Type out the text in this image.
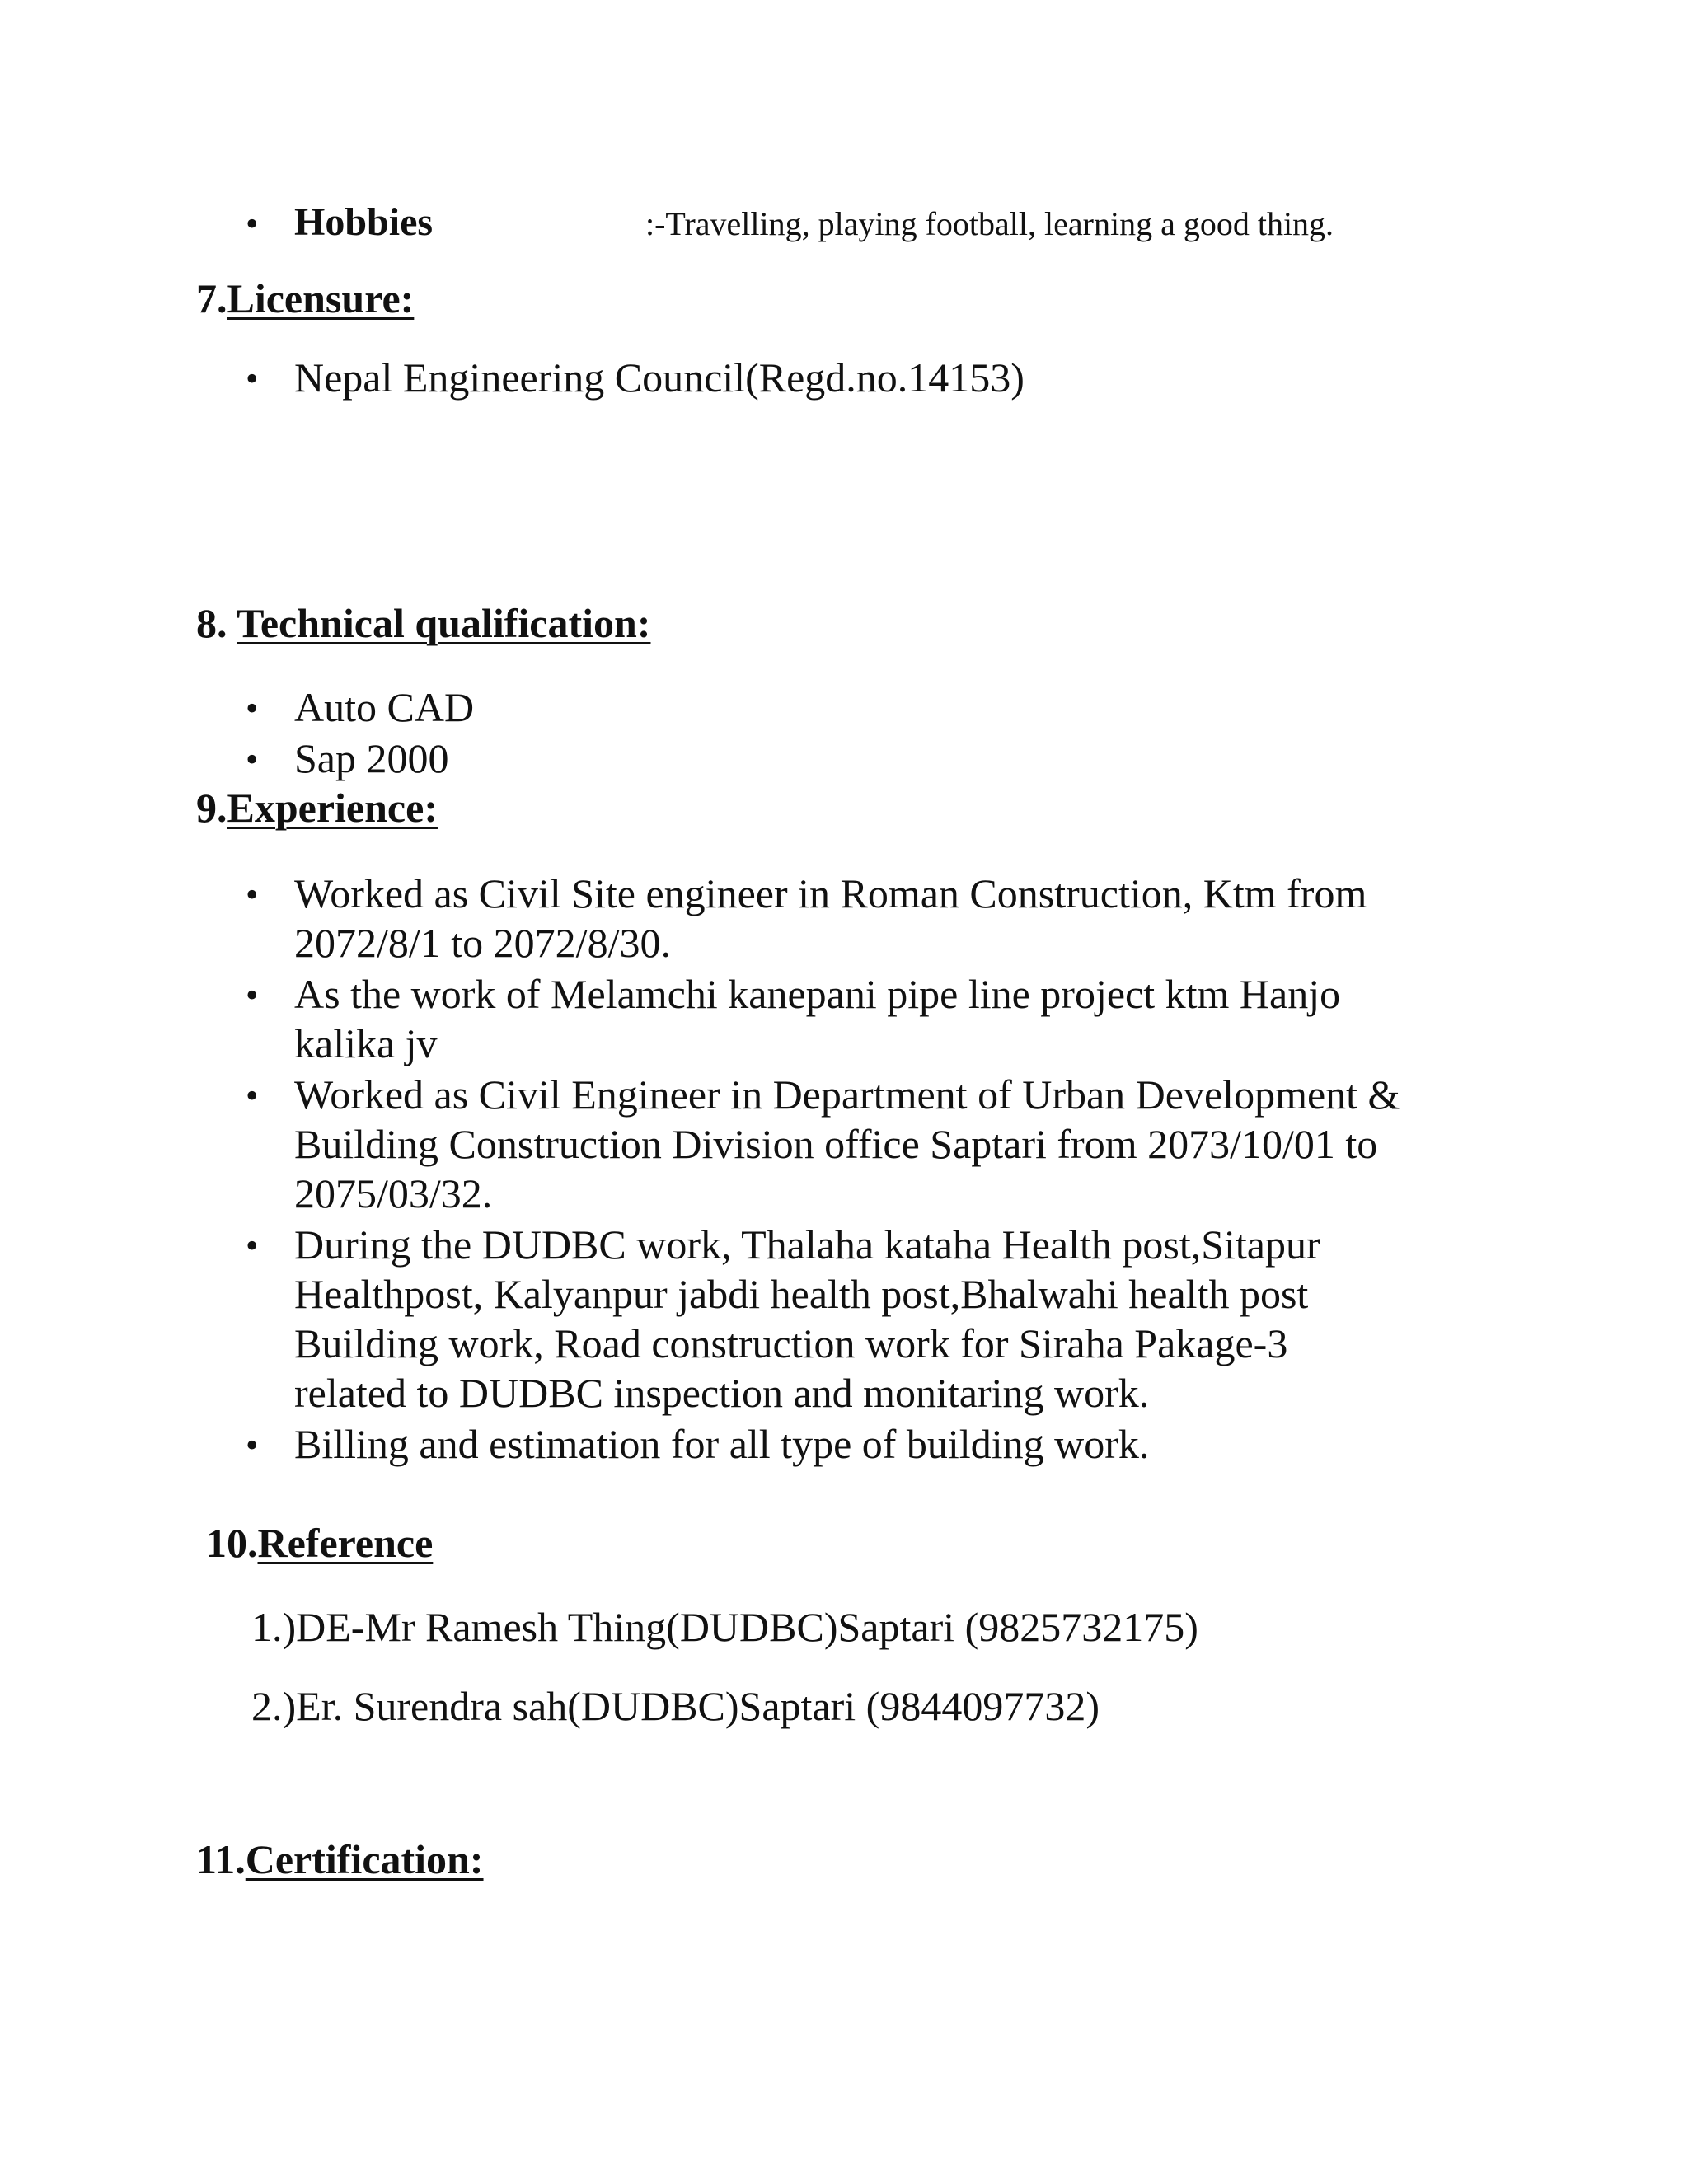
• Hobbies	:-Travelling, playing football, learning a good thing.
7.Licensure:
• Nepal Engineering Council(Regd.no.14153)
8. Technical qualification:
• Auto CAD
• Sap 2000
9.Experience:
• Worked as Civil Site engineer in Roman Construction, Ktm from
2072/8/1 to 2072/8/30.
• As the work of Melamchi kanepani pipe line project ktm Hanjo
kalika jv
• Worked as Civil Engineer in Department of Urban Development &
Building Construction Division office Saptari from 2073/10/01 to
2075/03/32.
• During the DUDBC work, Thalaha kataha Health post,Sitapur
Healthpost, Kalyanpur jabdi health post,Bhalwahi health post
Building work, Road construction work for Siraha Pakage-3
related to DUDBC inspection and monitaring work.
• Billing and estimation for all type of building work.
10.Reference
1.)DE-Mr Ramesh Thing(DUDBC)Saptari (9825732175)
2.)Er. Surendra sah(DUDBC)Saptari (9844097732)
11.Certification:
